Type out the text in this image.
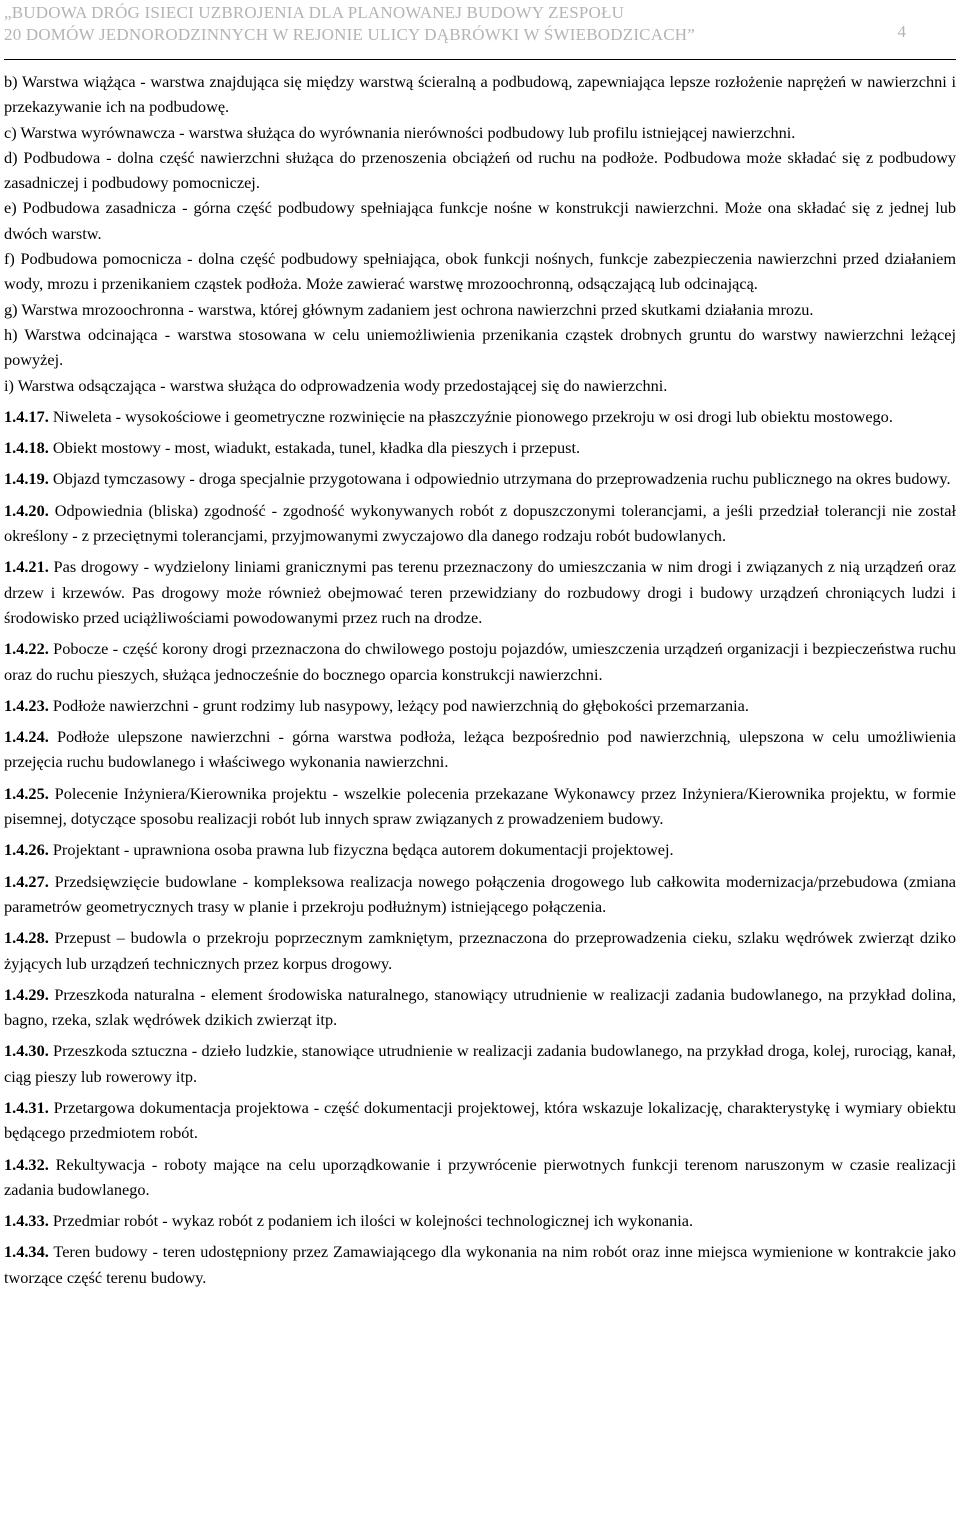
„BUDOWA DRÓG ISIECI UZBROJENIA DLA PLANOWANEJ BUDOWY ZESPOŁU
20 DOMÓW JEDNORODZINNYCH W REJONIE ULICY DĄBRÓWKI W ŚWIEBODZICACH”	4

b) Warstwa wiążąca - warstwa znajdująca się między warstwą ścieralną a podbudową, zapewniająca lepsze rozłożenie naprężeń w nawierzchni i przekazywanie ich na podbudowę.

c) Warstwa wyrównawcza - warstwa służąca do wyrównania nierówności podbudowy lub profilu istniejącej nawierzchni.

d) Podbudowa - dolna część nawierzchni służąca do przenoszenia obciążeń od ruchu na podłoże. Podbudowa może składać się z podbudowy zasadniczej i podbudowy pomocniczej.

e) Podbudowa zasadnicza - górna część podbudowy spełniająca funkcje nośne w konstrukcji nawierzchni. Może ona składać się z jednej lub dwóch warstw.

f) Podbudowa pomocnicza - dolna część podbudowy spełniająca, obok funkcji nośnych, funkcje zabezpieczenia nawierzchni przed działaniem wody, mrozu i przenikaniem cząstek podłoża. Może zawierać warstwę mrozoochronną, odsączającą lub odcinającą.

g) Warstwa mrozoochronna - warstwa, której głównym zadaniem jest ochrona nawierzchni przed skutkami działania mrozu.

h) Warstwa odcinająca - warstwa stosowana w celu uniemożliwienia przenikania cząstek drobnych gruntu do warstwy nawierzchni leżącej powyżej.

i) Warstwa odsączająca - warstwa służąca do odprowadzenia wody przedostającej się do nawierzchni.

1.4.17. Niweleta - wysokościowe i geometryczne rozwinięcie na płaszczyźnie pionowego przekroju w osi drogi lub obiektu mostowego.

1.4.18. Obiekt mostowy - most, wiadukt, estakada, tunel, kładka dla pieszych i przepust.

1.4.19. Objazd tymczasowy - droga specjalnie przygotowana i odpowiednio utrzymana do przeprowadzenia ruchu publicznego na okres budowy.

1.4.20. Odpowiednia (bliska) zgodność - zgodność wykonywanych robót z dopuszczonymi tolerancjami, a jeśli przedział tolerancji nie został określony - z przeciętnymi tolerancjami, przyjmowanymi zwyczajowo dla danego rodzaju robót budowlanych.

1.4.21. Pas drogowy - wydzielony liniami granicznymi pas terenu przeznaczony do umieszczania w nim drogi i związanych z nią urządzeń oraz drzew i krzewów. Pas drogowy może również obejmować teren przewidziany do rozbudowy drogi i budowy urządzeń chroniących ludzi i środowisko przed uciążliwościami powodowanymi przez ruch na drodze.

1.4.22. Pobocze - część korony drogi przeznaczona do chwilowego postoju pojazdów, umieszczenia urządzeń organizacji i bezpieczeństwa ruchu oraz do ruchu pieszych, służąca jednocześnie do bocznego oparcia konstrukcji nawierzchni.

1.4.23. Podłoże nawierzchni - grunt rodzimy lub nasypowy, leżący pod nawierzchnią do głębokości przemarzania.

1.4.24. Podłoże ulepszone nawierzchni - górna warstwa podłoża, leżąca bezpośrednio pod nawierzchnią, ulepszona w celu umożliwienia przejęcia ruchu budowlanego i właściwego wykonania nawierzchni.

1.4.25. Polecenie Inżyniera/Kierownika projektu - wszelkie polecenia przekazane Wykonawcy przez Inżyniera/Kierownika projektu, w formie pisemnej, dotyczące sposobu realizacji robót lub innych spraw związanych z prowadzeniem budowy.

1.4.26. Projektant - uprawniona osoba prawna lub fizyczna będąca autorem dokumentacji projektowej.

1.4.27. Przedsięwzięcie budowlane - kompleksowa realizacja nowego połączenia drogowego lub całkowita modernizacja/przebudowa (zmiana parametrów geometrycznych trasy w planie i przekroju podłużnym) istniejącego połączenia.

1.4.28. Przepust – budowla o przekroju poprzecznym zamkniętym, przeznaczona do przeprowadzenia cieku, szlaku wędrówek zwierząt dziko żyjących lub urządzeń technicznych przez korpus drogowy.

1.4.29. Przeszkoda naturalna - element środowiska naturalnego, stanowiący utrudnienie w realizacji zadania budowlanego, na przykład dolina, bagno, rzeka, szlak wędrówek dzikich zwierząt itp.

1.4.30. Przeszkoda sztuczna - dzieło ludzkie, stanowiące utrudnienie w realizacji zadania budowlanego, na przykład droga, kolej, rurociąg, kanał, ciąg pieszy lub rowerowy itp.

1.4.31. Przetargowa dokumentacja projektowa - część dokumentacji projektowej, która wskazuje lokalizację, charakterystykę i wymiary obiektu będącego przedmiotem robót.

1.4.32. Rekultywacja - roboty mające na celu uporządkowanie i przywrócenie pierwotnych funkcji terenom naruszonym w czasie realizacji zadania budowlanego.

1.4.33. Przedmiar robót - wykaz robót z podaniem ich ilości w kolejności technologicznej ich wykonania.

1.4.34. Teren budowy - teren udostępniony przez Zamawiającego dla wykonania na nim robót oraz inne miejsca wymienione w kontrakcie jako tworzące część terenu budowy.
